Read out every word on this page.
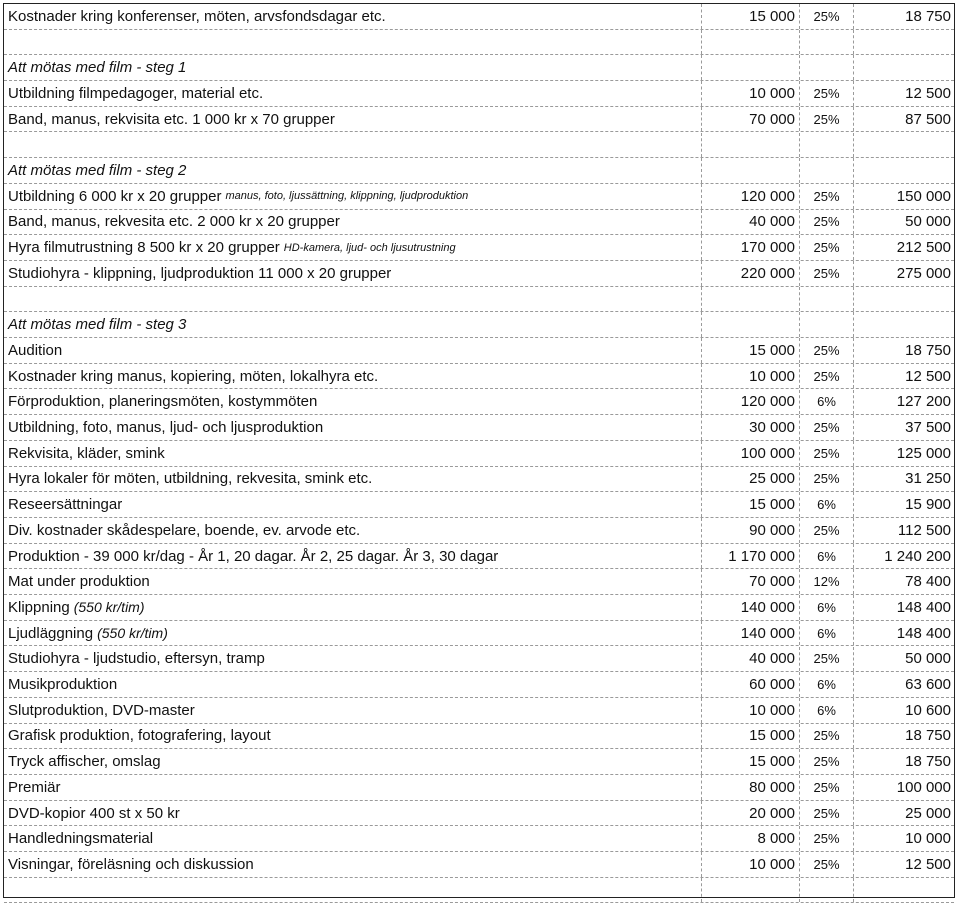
Kostnader kring konferenser, möten, arvsfondsdagar etc.	15 000 25%	18 750
Att mötas med film - steg 1
Utbildning filmpedagoger, material etc.	10 000 25%	12 500
Band, manus, rekvisita etc. 1 000 kr x 70 grupper	70 000 25%	87 500
Att mötas med film - steg 2
Utbildning 6 000 kr x 20 grupper manus, foto, ljussättning, klippning, ljudproduktion	120 000 25%	150 000
Band, manus, rekvesita etc. 2 000 kr x 20 grupper	40 000 25%	50 000
Hyra filmutrustning 8 500 kr x 20 grupper HD-kamera, ljud- och ljusutrustning	170 000 25%	212 500
Studiohyra - klippning, ljudproduktion 11 000 x 20 grupper	220 000 25%	275 000
Att mötas med film - steg 3
Audition	15 000 25%	18 750
Kostnader kring manus, kopiering, möten, lokalhyra etc.	10 000 25%	12 500
Förproduktion, planeringsmöten, kostymmöten	120 000 6%	127 200
Utbildning, foto, manus, ljud- och ljusproduktion	30 000 25%	37 500
Rekvisita, kläder, smink	100 000 25%	125 000
Hyra lokaler för möten, utbildning, rekvesita, smink etc.	25 000 25%	31 250
Reseersättningar	15 000 6%	15 900
Div. kostnader skådespelare, boende, ev. arvode etc.	90 000 25%	112 500
Produktion - 39 000 kr/dag - År 1, 20 dagar. År 2, 25 dagar. År 3, 30 dagar	1 170 000 6%	1 240 200
Mat under produktion	70 000 12%	78 400
Klippning (550 kr/tim)	140 000 6%	148 400
Ljudläggning (550 kr/tim)	140 000 6%	148 400
Studiohyra - ljudstudio, eftersyn, tramp	40 000 25%	50 000
Musikproduktion	60 000 6%	63 600
Slutproduktion, DVD-master	10 000 6%	10 600
Grafisk produktion, fotografering, layout	15 000 25%	18 750
Tryck affischer, omslag	15 000 25%	18 750
Premiär	80 000 25%	100 000
DVD-kopior 400 st x 50 kr	20 000 25%	25 000
Handledningsmaterial	8 000 25%	10 000
Visningar, föreläsning och diskussion	10 000 25%	12 500
